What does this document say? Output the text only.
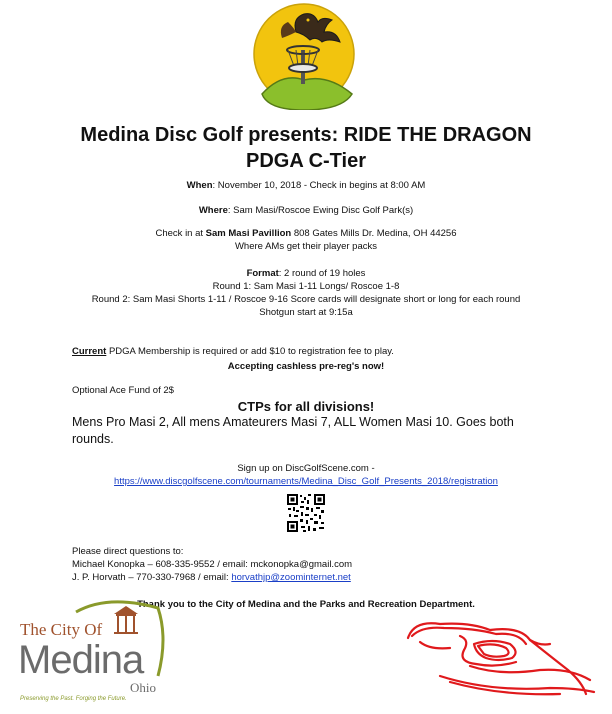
Medina Disc Golf presents: RIDE THE DRAGON
PDGA C-Tier
When: November 10, 2018 - Check in begins at 8:00 AM
Where: Sam Masi/Roscoe Ewing Disc Golf Park(s)
Check in at Sam Masi Pavillion 808 Gates Mills Dr. Medina, OH 44256
Where AMs get their player packs
Format: 2 round of 19 holes
Round 1: Sam Masi 1-11 Longs/ Roscoe 1-8
Round 2: Sam Masi Shorts 1-11 / Roscoe 9-16 Score cards will designate short or long for each round
Shotgun start at 9:15a
Current PDGA Membership is required or add $10 to registration fee to play.
Accepting cashless pre-reg's now!
Optional Ace Fund of 2$
CTPs for all divisions!
Mens Pro Masi 2, All mens Amateurers Masi 7, ALL Women Masi 10. Goes both
rounds.
Sign up on DiscGolfScene.com -
https://www.discgolfscene.com/tournaments/Medina_Disc_Golf_Presents_2018/registration
Please direct questions to:
Michael Konopka – 608-335-9552 / email: mckonopka@gmail.com
J. P. Horvath – 770-330-7968 / email: horvathjp@zoominternet.net
Thank you to the City of Medina and the Parks and Recreation Department.
The City Of
Medina
Ohio
Preserving the Past. Forging the Future.
